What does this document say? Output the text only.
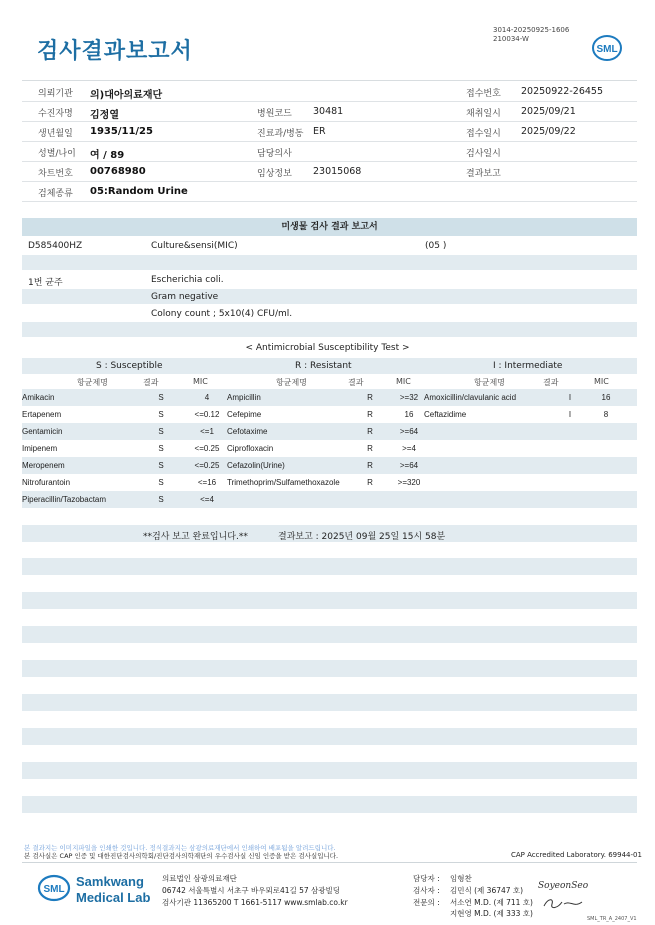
검사결과보고서
3014-20250925-1606
210034-W
SML
의뢰기관 의)대아의료재단	접수번호 20250922-26455
수진자명 김정열	병원코드 30481	채취일시 2025/09/21
생년월일 1935/11/25	진료과/병동 ER	접수일시 2025/09/22
성별/나이 여 / 89	담당의사	검사일시
차트번호 00768980	임상정보 23015068	결과보고
검체종류 05:Random Urine
미생물 검사 결과 보고서
D585400HZ	Culture&sensi(MIC)	(05 )
1번 균주	Escherichia coli.
Gram negative
Colony count ; 5x10(4) CFU/ml.
< Antimicrobial Susceptibility Test >
S : Susceptible	R : Resistant	I : Intermediate
항균제명	결과	MIC	항균제명	결과	MIC	항균제명	결과	MIC
Amikacin	S	4	Ampicillin	R	>=32 Amoxicillin/clavulanic acid	I	16
Ertapenem	S	<=0.12 Cefepime	R	16	Ceftazidime	I	8
Gentamicin	S	<=1	Cefotaxime	R	>=64
Imipenem	S	<=0.25 Ciprofloxacin	R	>=4
Meropenem	S	<=0.25 Cefazolin(Urine)	R	>=64
Nitrofurantoin	S	<=16	Trimethoprim/Sulfamethoxazole	R	>=320
Piperacillin/Tazobactam	S	<=4
**검사 보고 완료입니다.**	결과보고 : 2025년 09월 25일 15시 58분
본 결과지는 이미지파일을 인쇄한 것입니다. 정식결과지는 삼광의료재단에서 인쇄하여 배포됨을 알려드립니다.
본 검사실은 CAP 인증 및 대한진단검사의학회/진단검사의학재단의 우수검사실 신임 인증을 받은 검사실입니다.	CAP Accredited Laboratory. 69944-01
SML
Samkwang
Medical Lab
의료법인 삼광의료재단
06742 서울특별시 서초구 바우뫼로41길 57 삼광빌딩
검사기관 11365200 T 1661-5117 www.smlab.co.kr
담당자 : 임형찬
검사자 : 김민식 (제 36747 호)
전문의 : 서소연 M.D. (제 711 호)
지현영 M.D. (제 333 호)
SoyeonSeo
SML_TR_A_2407_V1
